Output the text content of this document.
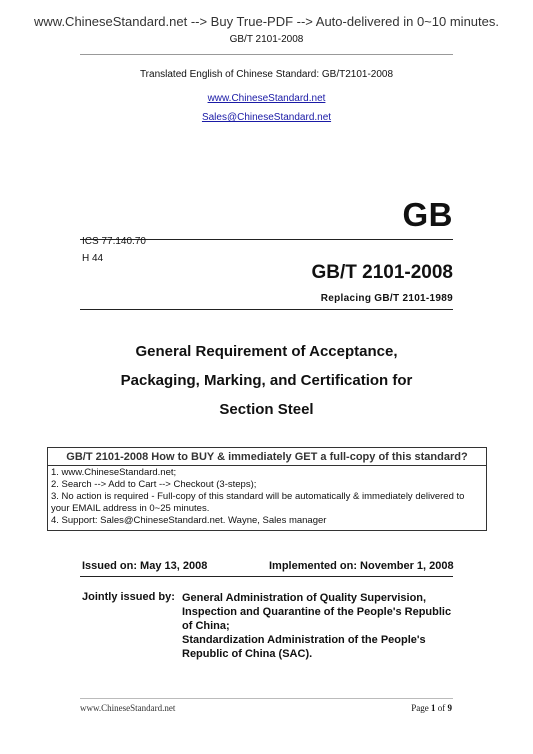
www.ChineseStandard.net --> Buy True-PDF --> Auto-delivered in 0~10 minutes.
GB/T 2101-2008
Translated English of Chinese Standard: GB/T2101-2008
www.ChineseStandard.net
Sales@ChineseStandard.net
GB
ICS 77.140.70
H 44
GB/T 2101-2008
Replacing GB/T 2101-1989
General Requirement of Acceptance,
Packaging, Marking, and Certification for
Section Steel
GB/T 2101-2008 How to BUY & immediately GET a full-copy of this standard?
1. www.ChineseStandard.net;
2. Search --> Add to Cart --> Checkout (3-steps);
3. No action is required - Full-copy of this standard will be automatically & immediately delivered to
your EMAIL address in 0~25 minutes.
4. Support: Sales@ChineseStandard.net. Wayne, Sales manager
Issued on: May 13, 2008	Implemented on: November 1, 2008
Jointly issued by: General Administration of Quality Supervision,
Inspection and Quarantine of the People's Republic
of China;
Standardization Administration of the People's
Republic of China (SAC).
www.ChineseStandard.net	Page 1 of 9
